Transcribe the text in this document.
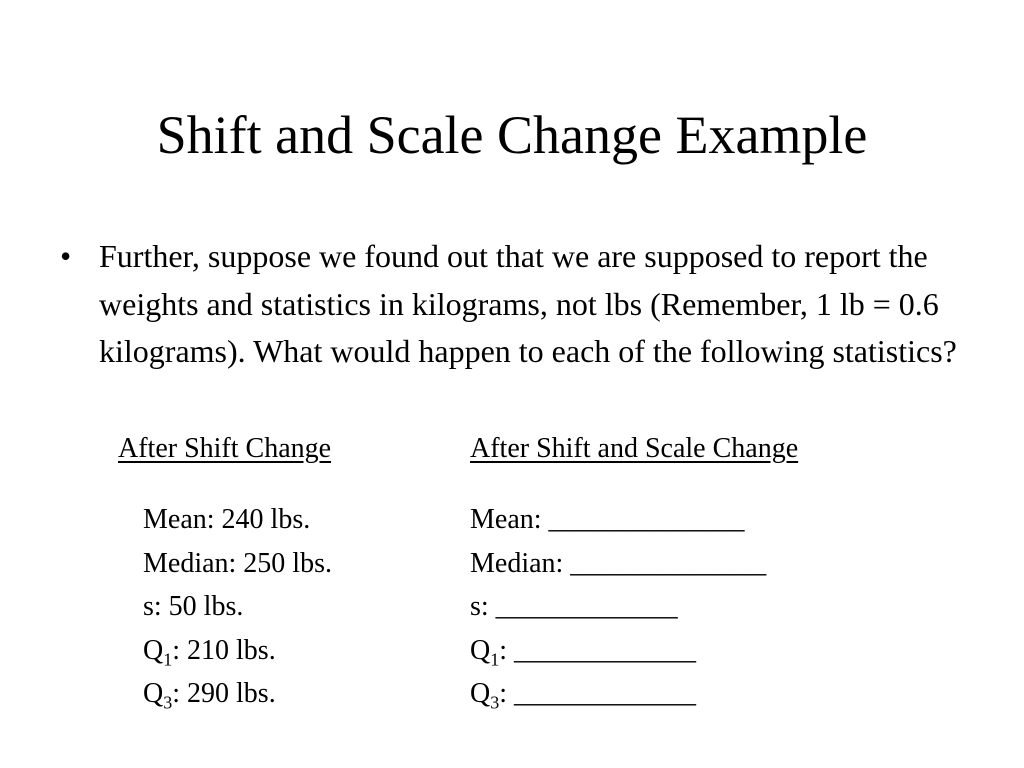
Shift and Scale Change Example
• Further, suppose we found out that we are supposed to report the weights and statistics in kilograms, not lbs (Remember, 1 lb = 0.6 kilograms). What would happen to each of the following statistics?
After Shift Change	After Shift and Scale Change
Mean: 240 lbs.
Median: 250 lbs.
s: 50 lbs.
$Q_1$: 210 lbs.
$Q_3$: 290 lbs.
Mean: ______________
Median: ______________
s: _____________
$Q_1$: _____________
$Q_3$: _____________
